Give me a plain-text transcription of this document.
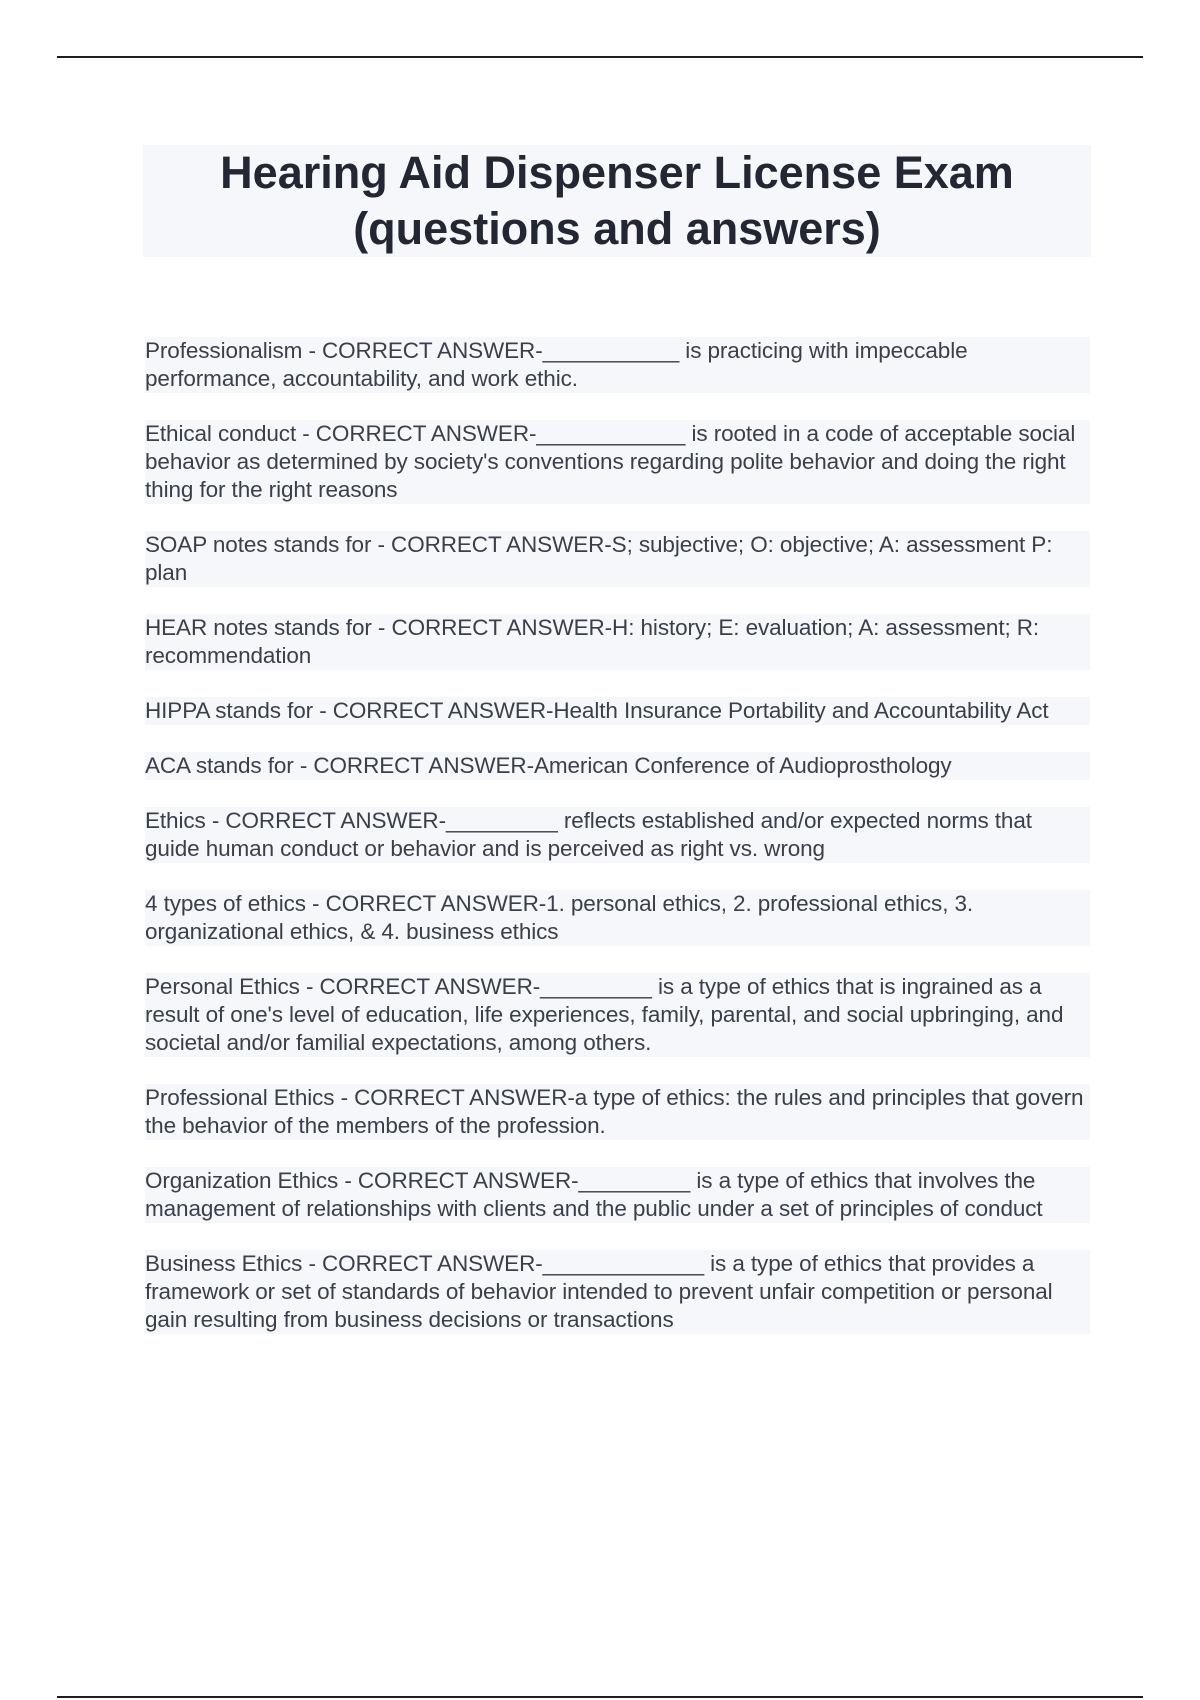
Hearing Aid Dispenser License Exam
(questions and answers)
Professionalism - CORRECT ANSWER-___________ is practicing with impeccable performance, accountability, and work ethic.
Ethical conduct - CORRECT ANSWER-____________ is rooted in a code of acceptable social behavior as determined by society's conventions regarding polite behavior and doing the right thing for the right reasons
SOAP notes stands for - CORRECT ANSWER-S; subjective; O: objective; A: assessment P: plan
HEAR notes stands for - CORRECT ANSWER-H: history; E: evaluation; A: assessment; R: recommendation
HIPPA stands for - CORRECT ANSWER-Health Insurance Portability and Accountability Act
ACA stands for - CORRECT ANSWER-American Conference of Audioprosthology
Ethics - CORRECT ANSWER-_________ reflects established and/or expected norms that guide human conduct or behavior and is perceived as right vs. wrong
4 types of ethics - CORRECT ANSWER-1. personal ethics, 2. professional ethics, 3. organizational ethics, & 4. business ethics
Personal Ethics - CORRECT ANSWER-_________ is a type of ethics that is ingrained as a result of one's level of education, life experiences, family, parental, and social upbringing, and societal and/or familial expectations, among others.
Professional Ethics - CORRECT ANSWER-a type of ethics: the rules and principles that govern the behavior of the members of the profession.
Organization Ethics - CORRECT ANSWER-_________ is a type of ethics that involves the management of relationships with clients and the public under a set of principles of conduct
Business Ethics - CORRECT ANSWER-_____________ is a type of ethics that provides a framework or set of standards of behavior intended to prevent unfair competition or personal gain resulting from business decisions or transactions
